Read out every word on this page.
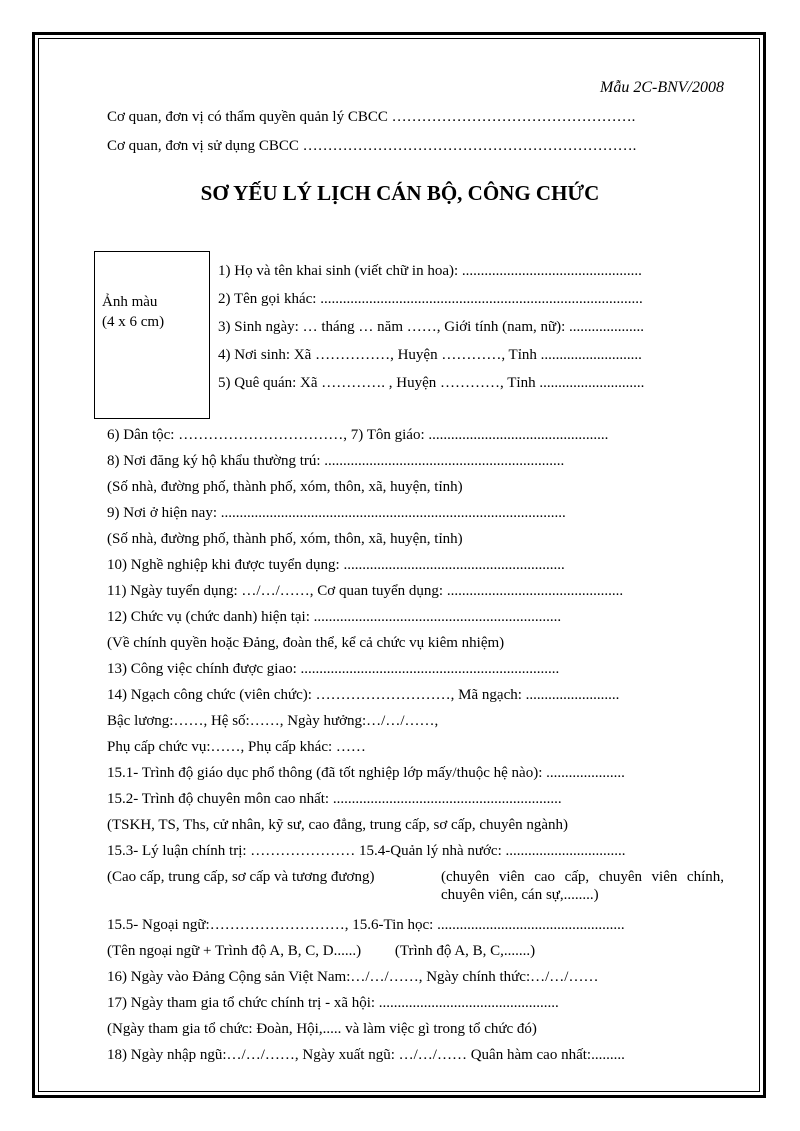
Mẫu 2C-BNV/2008

Cơ quan, đơn vị có thẩm quyền quản lý CBCC ………………………………………….

Cơ quan, đơn vị sử dụng CBCC ………………………………………………………….

SƠ YẾU LÝ LỊCH CÁN BỘ, CÔNG CHỨC

Ảnh màu

(4 x 6 cm)

1) Họ và tên khai sinh (viết chữ in hoa): ................................................

2) Tên gọi khác: ......................................................................................

3) Sinh ngày: … tháng … năm ……, Giới tính (nam, nữ): ....................

4) Nơi sinh: Xã ……………, Huyện …………, Tỉnh ...........................

5) Quê quán: Xã …………. , Huyện …………, Tỉnh ............................

6) Dân tộc: ……………………………, 7) Tôn giáo: ................................................

8) Nơi đăng ký hộ khẩu thường trú: ................................................................

(Số nhà, đường phố, thành phố, xóm, thôn, xã, huyện, tỉnh)

9) Nơi ở hiện nay: ............................................................................................

(Số nhà, đường phố, thành phố, xóm, thôn, xã, huyện, tỉnh)

10) Nghề nghiệp khi được tuyển dụng: ...........................................................

11) Ngày tuyển dụng: …/…/……, Cơ quan tuyển dụng: ...............................................

12) Chức vụ (chức danh) hiện tại: ..................................................................

(Về chính quyền hoặc Đảng, đoàn thể, kể cả chức vụ kiêm nhiệm)

13) Công việc chính được giao: .....................................................................

14) Ngạch công chức (viên chức): ………………………, Mã ngạch: .........................

Bậc lương:……, Hệ số:……, Ngày hưởng:…/…/……,

Phụ cấp chức vụ:……, Phụ cấp khác: ……

15.1- Trình độ giáo dục phổ thông (đã tốt nghiệp lớp mấy/thuộc hệ nào): .....................

15.2- Trình độ chuyên môn cao nhất: .............................................................

(TSKH, TS, Ths, cử nhân, kỹ sư, cao đẳng, trung cấp, sơ cấp, chuyên ngành)

15.3- Lý luận chính trị: ………………… 15.4-Quản lý nhà nước: ................................

(Cao cấp, trung cấp, sơ cấp và tương đương)	(chuyên viên cao cấp, chuyên viên chính, chuyên viên, cán sự,........)

15.5- Ngoại ngữ:………………………, 15.6-Tin học: ..................................................

(Tên ngoại ngữ + Trình độ A, B, C, D......)         (Trình độ A, B, C,.......)

16) Ngày vào Đảng Cộng sản Việt Nam:…/…/……, Ngày chính thức:…/…/……

17) Ngày tham gia tổ chức chính trị - xã hội: ................................................

(Ngày tham gia tổ chức: Đoàn, Hội,..... và làm việc gì trong tổ chức đó)

18) Ngày nhập ngũ:…/…/……, Ngày xuất ngũ: …/…/…… Quân hàm cao nhất:.........
